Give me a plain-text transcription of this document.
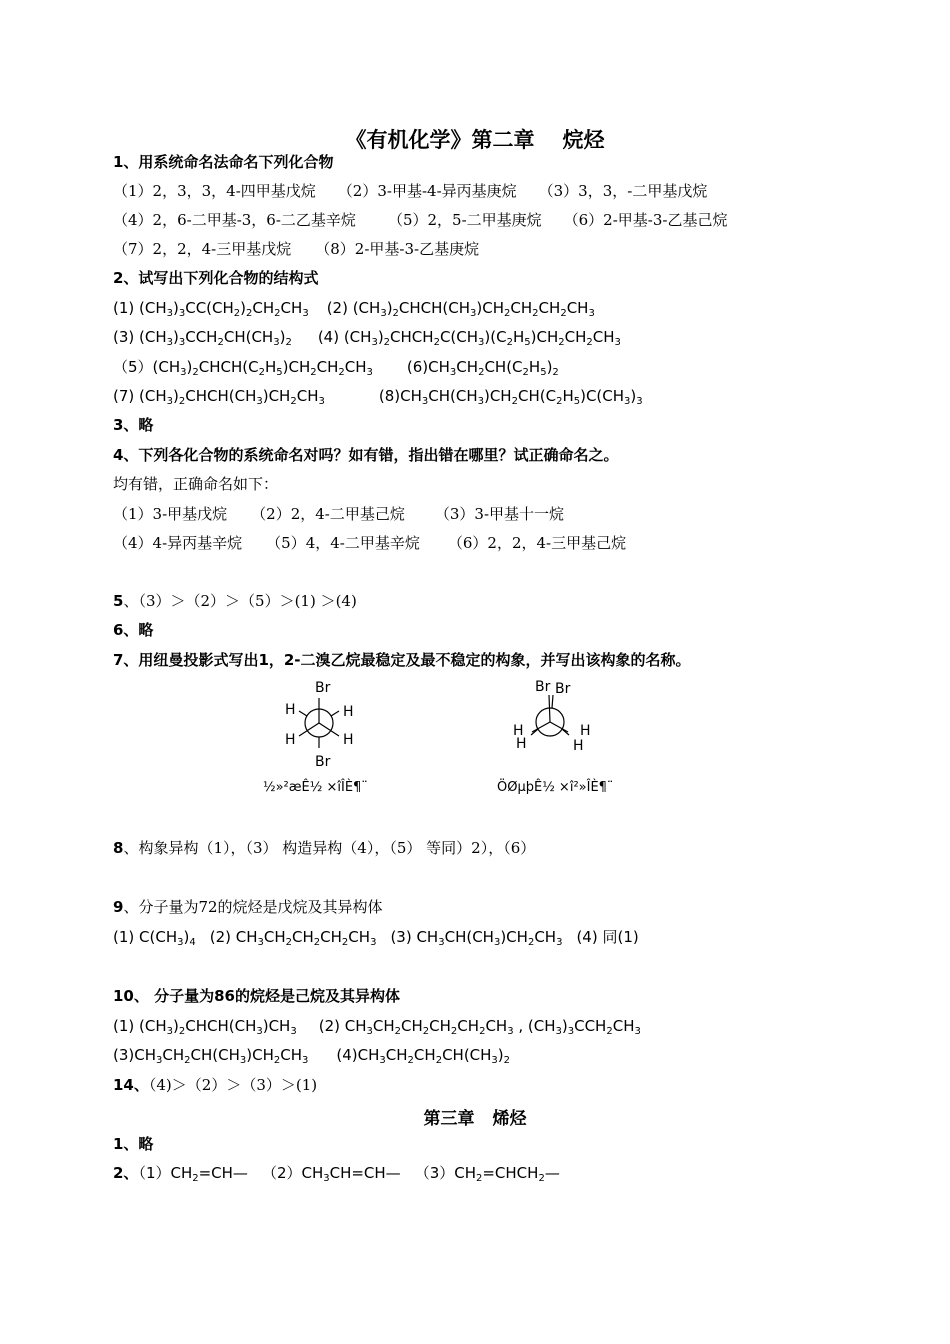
《有机化学》第二章 烷烃
1、用系统命名法命名下列化合物
（1）2，3，3，4-四甲基戊烷 （2）3-甲基-4-异丙基庚烷 （3）3，3，-二甲基戊烷
（4）2，6-二甲基-3，6-二乙基辛烷 （5）2，5-二甲基庚烷 （6）2-甲基-3-乙基己烷
（7）2，2，4-三甲基戊烷 （8）2-甲基-3-乙基庚烷
2、试写出下列化合物的结构式
(1) $(CH_3)_3CC(CH_2)_2CH_2CH_3$ (2) $(CH_3)_2CHCH(CH_3)CH_2CH_2CH_2CH_3$
(3) $(CH_3)_3CCH_2CH(CH_3)_2$ (4) $(CH_3)_2CHCH_2C(CH_3)(C_2H_5)CH_2CH_2CH_3$
$(5)(CH_3)_2CHCH(C_2H_5)CH_2CH_2CH_3$ $(6)CH_3CH_2CH(C_2H_5)_2$
(7) $(CH_3)_2CHCH(CH_3)CH_2CH_3$	$(8)CH_3CH(CH_3)CH_2CH(C_2H_5)C(CH_3)_3$
3、略
4、下列各化合物的系统命名对吗？如有错，指出错在哪里？试正确命名之。
均有错，正确命名如下：
（1）3-甲基戊烷 （2）2，4-二甲基己烷 （3）3-甲基十一烷
（4）4-异丙基辛烷 （5）4，4-二甲基辛烷 （6）2，2，4-三甲基己烷
5、（3）＞（2）＞（5）＞(1) ＞(4)
6、略
7、用纽曼投影式写出1，2-二溴乙烷最稳定及最不稳定的构象，并写出该构象的名称。
Br
H	H
H	H
Br
½»²æÊ½ ×îÎÈ¶¨
Br Br
H
H
H
H
ÖØµþÊ½ ×î²»ÎÈ¶¨
8、构象异构（1），（3） 构造异构（4），（5） 等同）2），（6）
9、分子量为72的烷烃是戊烷及其异构体
(1) $C(CH_3)_4$ (2) $CH_3CH_2CH_2CH_2CH_3$ (3) $CH_3CH(CH_3)CH_2CH_3$ (4) 同(1)
10、 分子量为86的烷烃是己烷及其异构体
(1) $(CH_3)_2CHCH(CH_3)CH_3$ (2) $CH_3CH_2CH_2CH_2CH_2CH_3$ , $(CH_3)_3CCH_2CH_3$
$(3)CH_3CH_2CH(CH_3)CH_2CH_3$ $(4)CH_3CH_2CH_2CH(CH_3)_2$
14、（4)＞（2）＞（3）＞(1)
第三章 烯烃
1、略
2、$(1)CH_2=CH—$ $(2)CH_3CH=CH—$ $(3)CH_2=CHCH_2—$
